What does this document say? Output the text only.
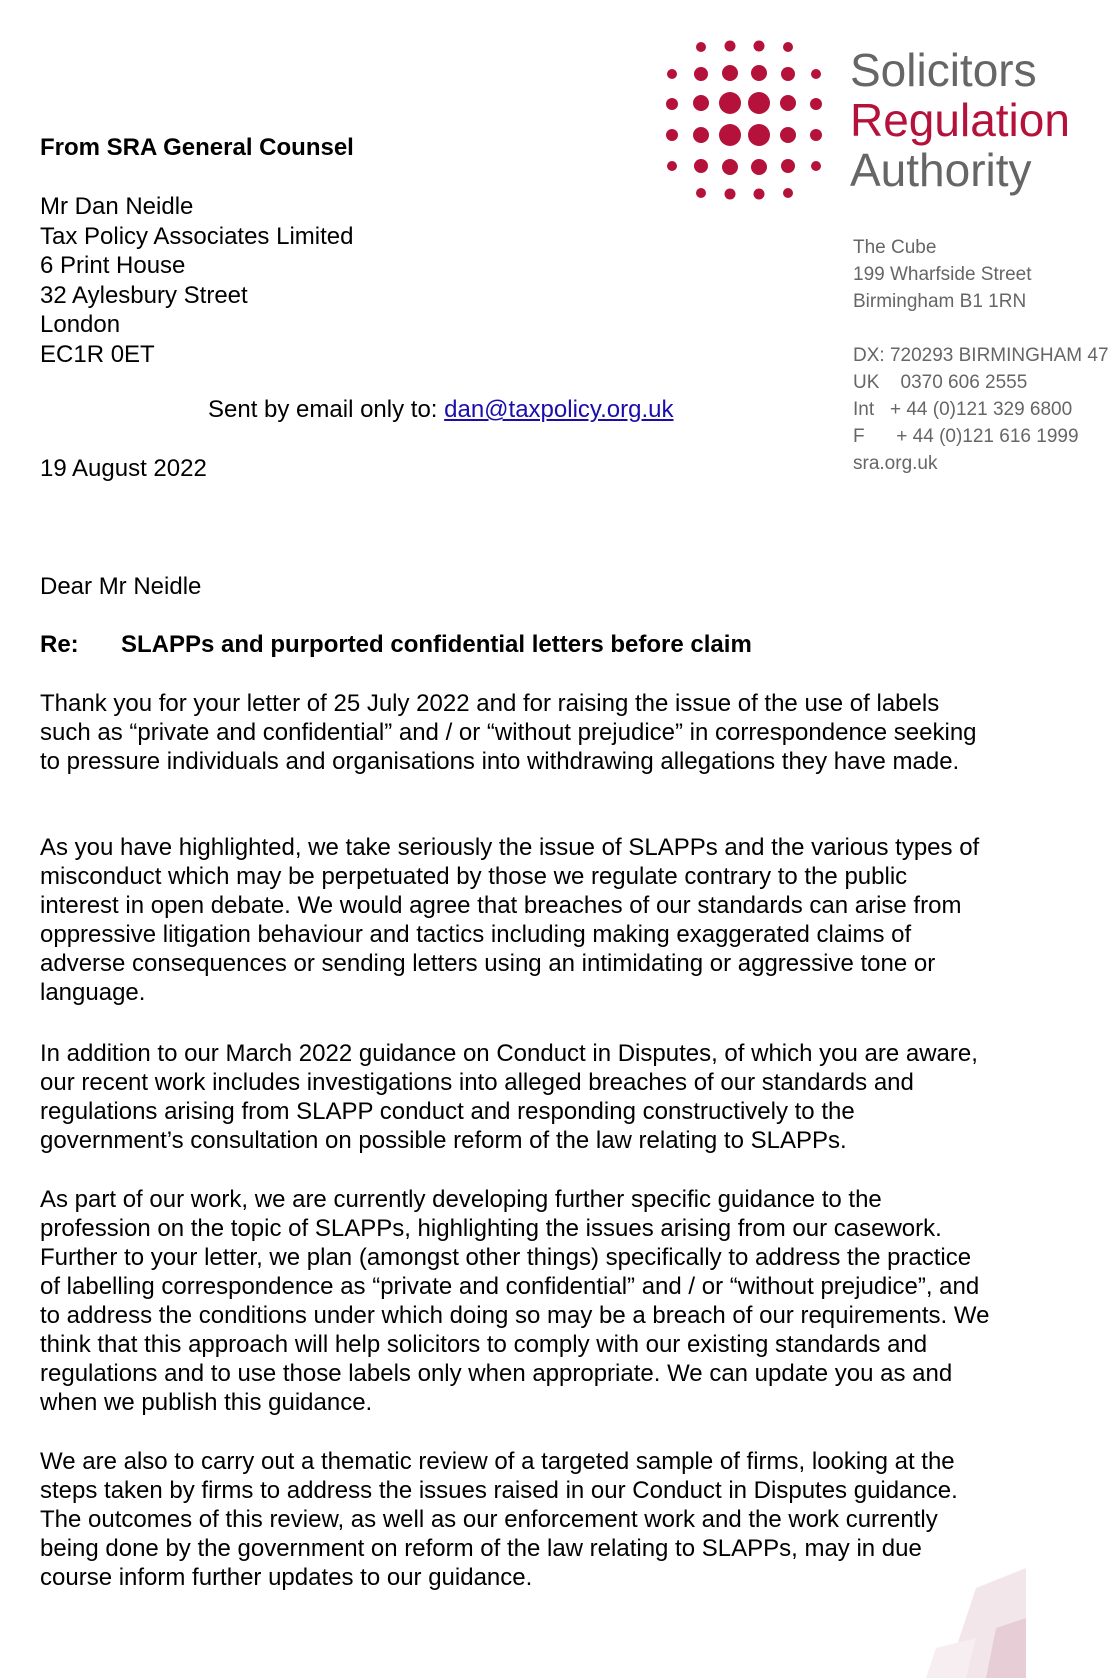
Solicitors
Regulation
Authority
The Cube
199 Wharfside Street
Birmingham B1 1RN
DX: 720293 BIRMINGHAM 47
UK    0370 606 2555
Int   + 44 (0)121 329 6800
F      + 44 (0)121 616 1999
sra.org.uk
From SRA General Counsel
Mr Dan Neidle
Tax Policy Associates Limited
6 Print House
32 Aylesbury Street
London
EC1R 0ET
Sent by email only to: dan@taxpolicy.org.uk
19 August 2022
Dear Mr Neidle
Re: SLAPPs and purported confidential letters before claim

Thank you for your letter of 25 July 2022 and for raising the issue of the use of labels such as “private and confidential” and / or “without prejudice” in correspondence seeking to pressure individuals and organisations into withdrawing allegations they have made.

As you have highlighted, we take seriously the issue of SLAPPs and the various types of misconduct which may be perpetuated by those we regulate contrary to the public interest in open debate. We would agree that breaches of our standards can arise from oppressive litigation behaviour and tactics including making exaggerated claims of adverse consequences or sending letters using an intimidating or aggressive tone or language.

In addition to our March 2022 guidance on Conduct in Disputes, of which you are aware, our recent work includes investigations into alleged breaches of our standards and regulations arising from SLAPP conduct and responding constructively to the government’s consultation on possible reform of the law relating to SLAPPs.

As part of our work, we are currently developing further specific guidance to the profession on the topic of SLAPPs, highlighting the issues arising from our casework. Further to your letter, we plan (amongst other things) specifically to address the practice of labelling correspondence as “private and confidential” and / or “without prejudice”, and to address the conditions under which doing so may be a breach of our requirements. We think that this approach will help solicitors to comply with our existing standards and regulations and to use those labels only when appropriate. We can update you as and when we publish this guidance.

We are also to carry out a thematic review of a targeted sample of firms, looking at the steps taken by firms to address the issues raised in our Conduct in Disputes guidance. The outcomes of this review, as well as our enforcement work and the work currently being done by the government on reform of the law relating to SLAPPs, may in due course inform further updates to our guidance.
